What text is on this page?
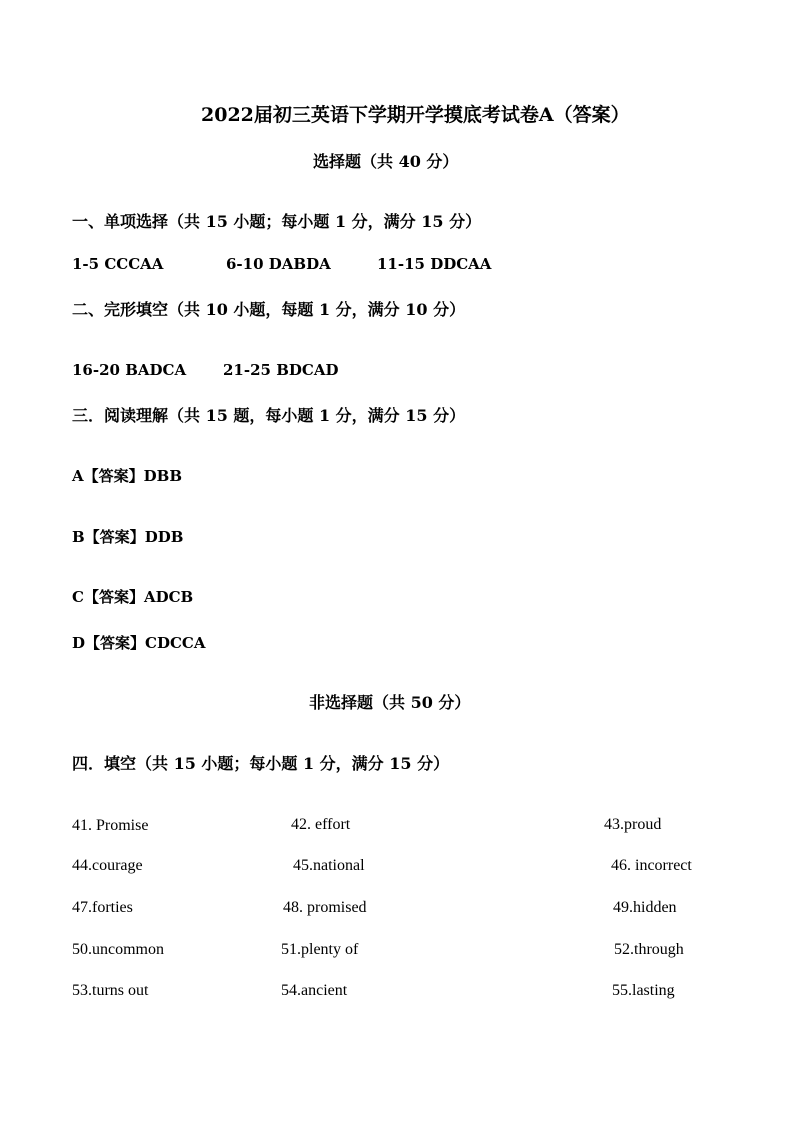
2022届初三英语下学期开学摸底考试卷A（答案）
选择题（共 40 分）
一、单项选择（共 15 小题；每小题 1 分，满分 15 分）
1-5 CCCAA	6-10 DABDA	11-15 DDCAA
二、完形填空（共 10 小题，每题 1 分，满分 10 分）
16-20 BADCA 21-25 BDCAD
三．阅读理解（共 15 题，每小题 1 分，满分 15 分）
A【答案】DBB
B【答案】DDB
C【答案】ADCB
D【答案】CDCCA
非选择题（共 50 分）
四．填空（共 15 小题；每小题 1 分，满分 15 分）
41. Promise	42. effort	43.proud
44.courage	45.national	46. incorrect
47.forties	48. promised	49.hidden
50.uncommon	51.plenty of	52.through
53.turns out	54.ancient	55.lasting
